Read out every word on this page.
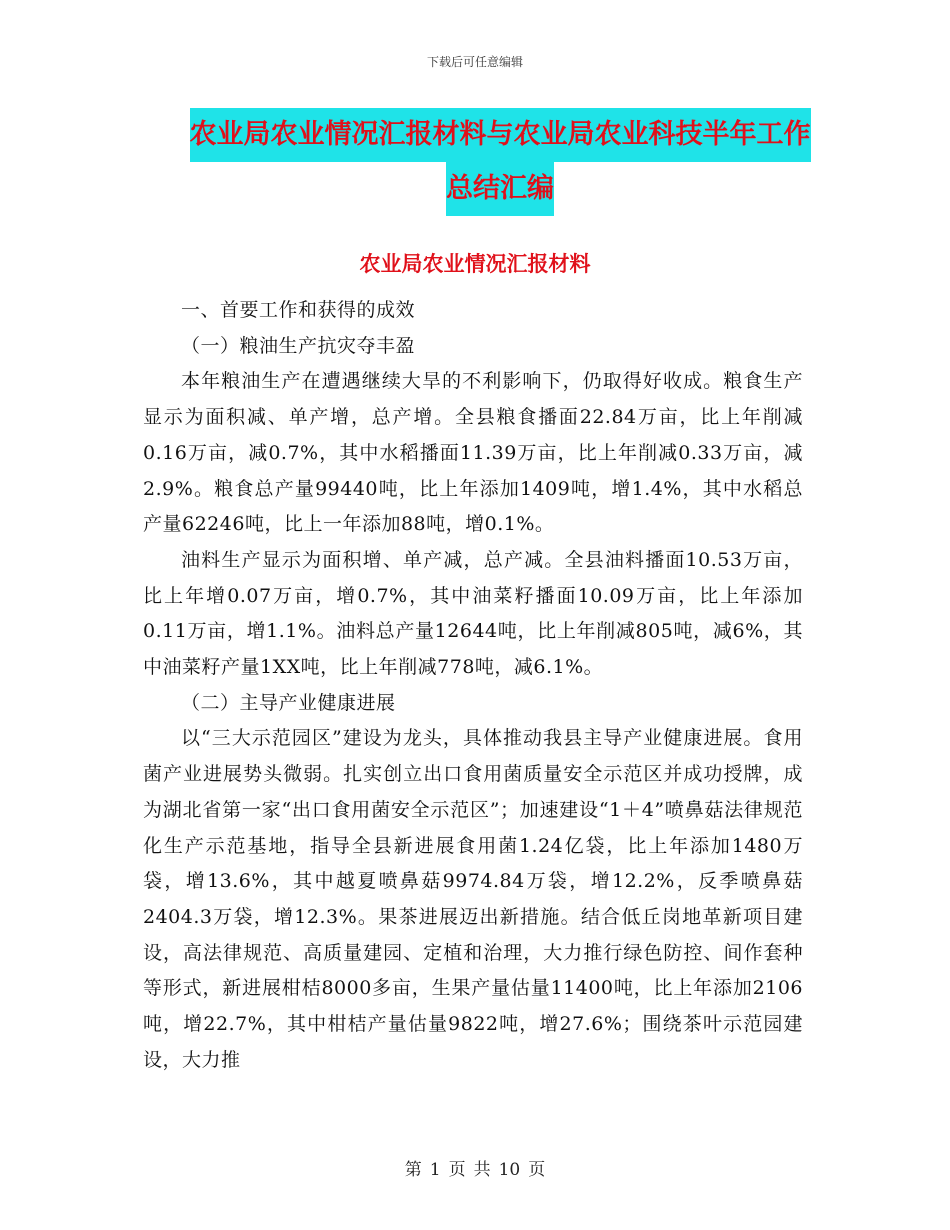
下载后可任意编辑
农业局农业情况汇报材料与农业局农业科技半年工作
总结汇编
农业局农业情况汇报材料

一、首要工作和获得的成效

（一）粮油生产抗灾夺丰盈

本年粮油生产在遭遇继续大旱的不利影响下，仍取得好收成。粮食生产显示为面积减、单产增，总产增。全县粮食播面22.84万亩，比上年削减0.16万亩，减0.7%，其中水稻播面11.39万亩，比上年削减0.33万亩，减2.9%。粮食总产量99440吨，比上年添加1409吨，增1.4%，其中水稻总产量62246吨，比上一年添加88吨，增0.1%。

油料生产显示为面积增、单产减，总产减。全县油料播面10.53万亩，比上年增0.07万亩，增0.7%，其中油菜籽播面10.09万亩，比上年添加0.11万亩，增1.1%。油料总产量12644吨，比上年削减805吨，减6%，其中油菜籽产量1XX吨，比上年削减778吨，减6.1%。

（二）主导产业健康进展

以“三大示范园区”建设为龙头，具体推动我县主导产业健康进展。食用菌产业进展势头微弱。扎实创立出口食用菌质量安全示范区并成功授牌，成为湖北省第一家“出口食用菌安全示范区”；加速建设“1＋4”喷鼻菇法律规范化生产示范基地，指导全县新进展食用菌1.24亿袋，比上年添加1480万袋，增13.6%，其中越夏喷鼻菇9974.84万袋，增12.2%，反季喷鼻菇2404.3万袋，增12.3%。果茶进展迈出新措施。结合低丘岗地革新项目建设，高法律规范、高质量建园、定植和治理，大力推行绿色防控、间作套种等形式，新进展柑桔8000多亩，生果产量估量11400吨，比上年添加2106吨，增22.7%，其中柑桔产量估量9822吨，增27.6%；围绕茶叶示范园建设，大力推

第 1 页 共 10 页
